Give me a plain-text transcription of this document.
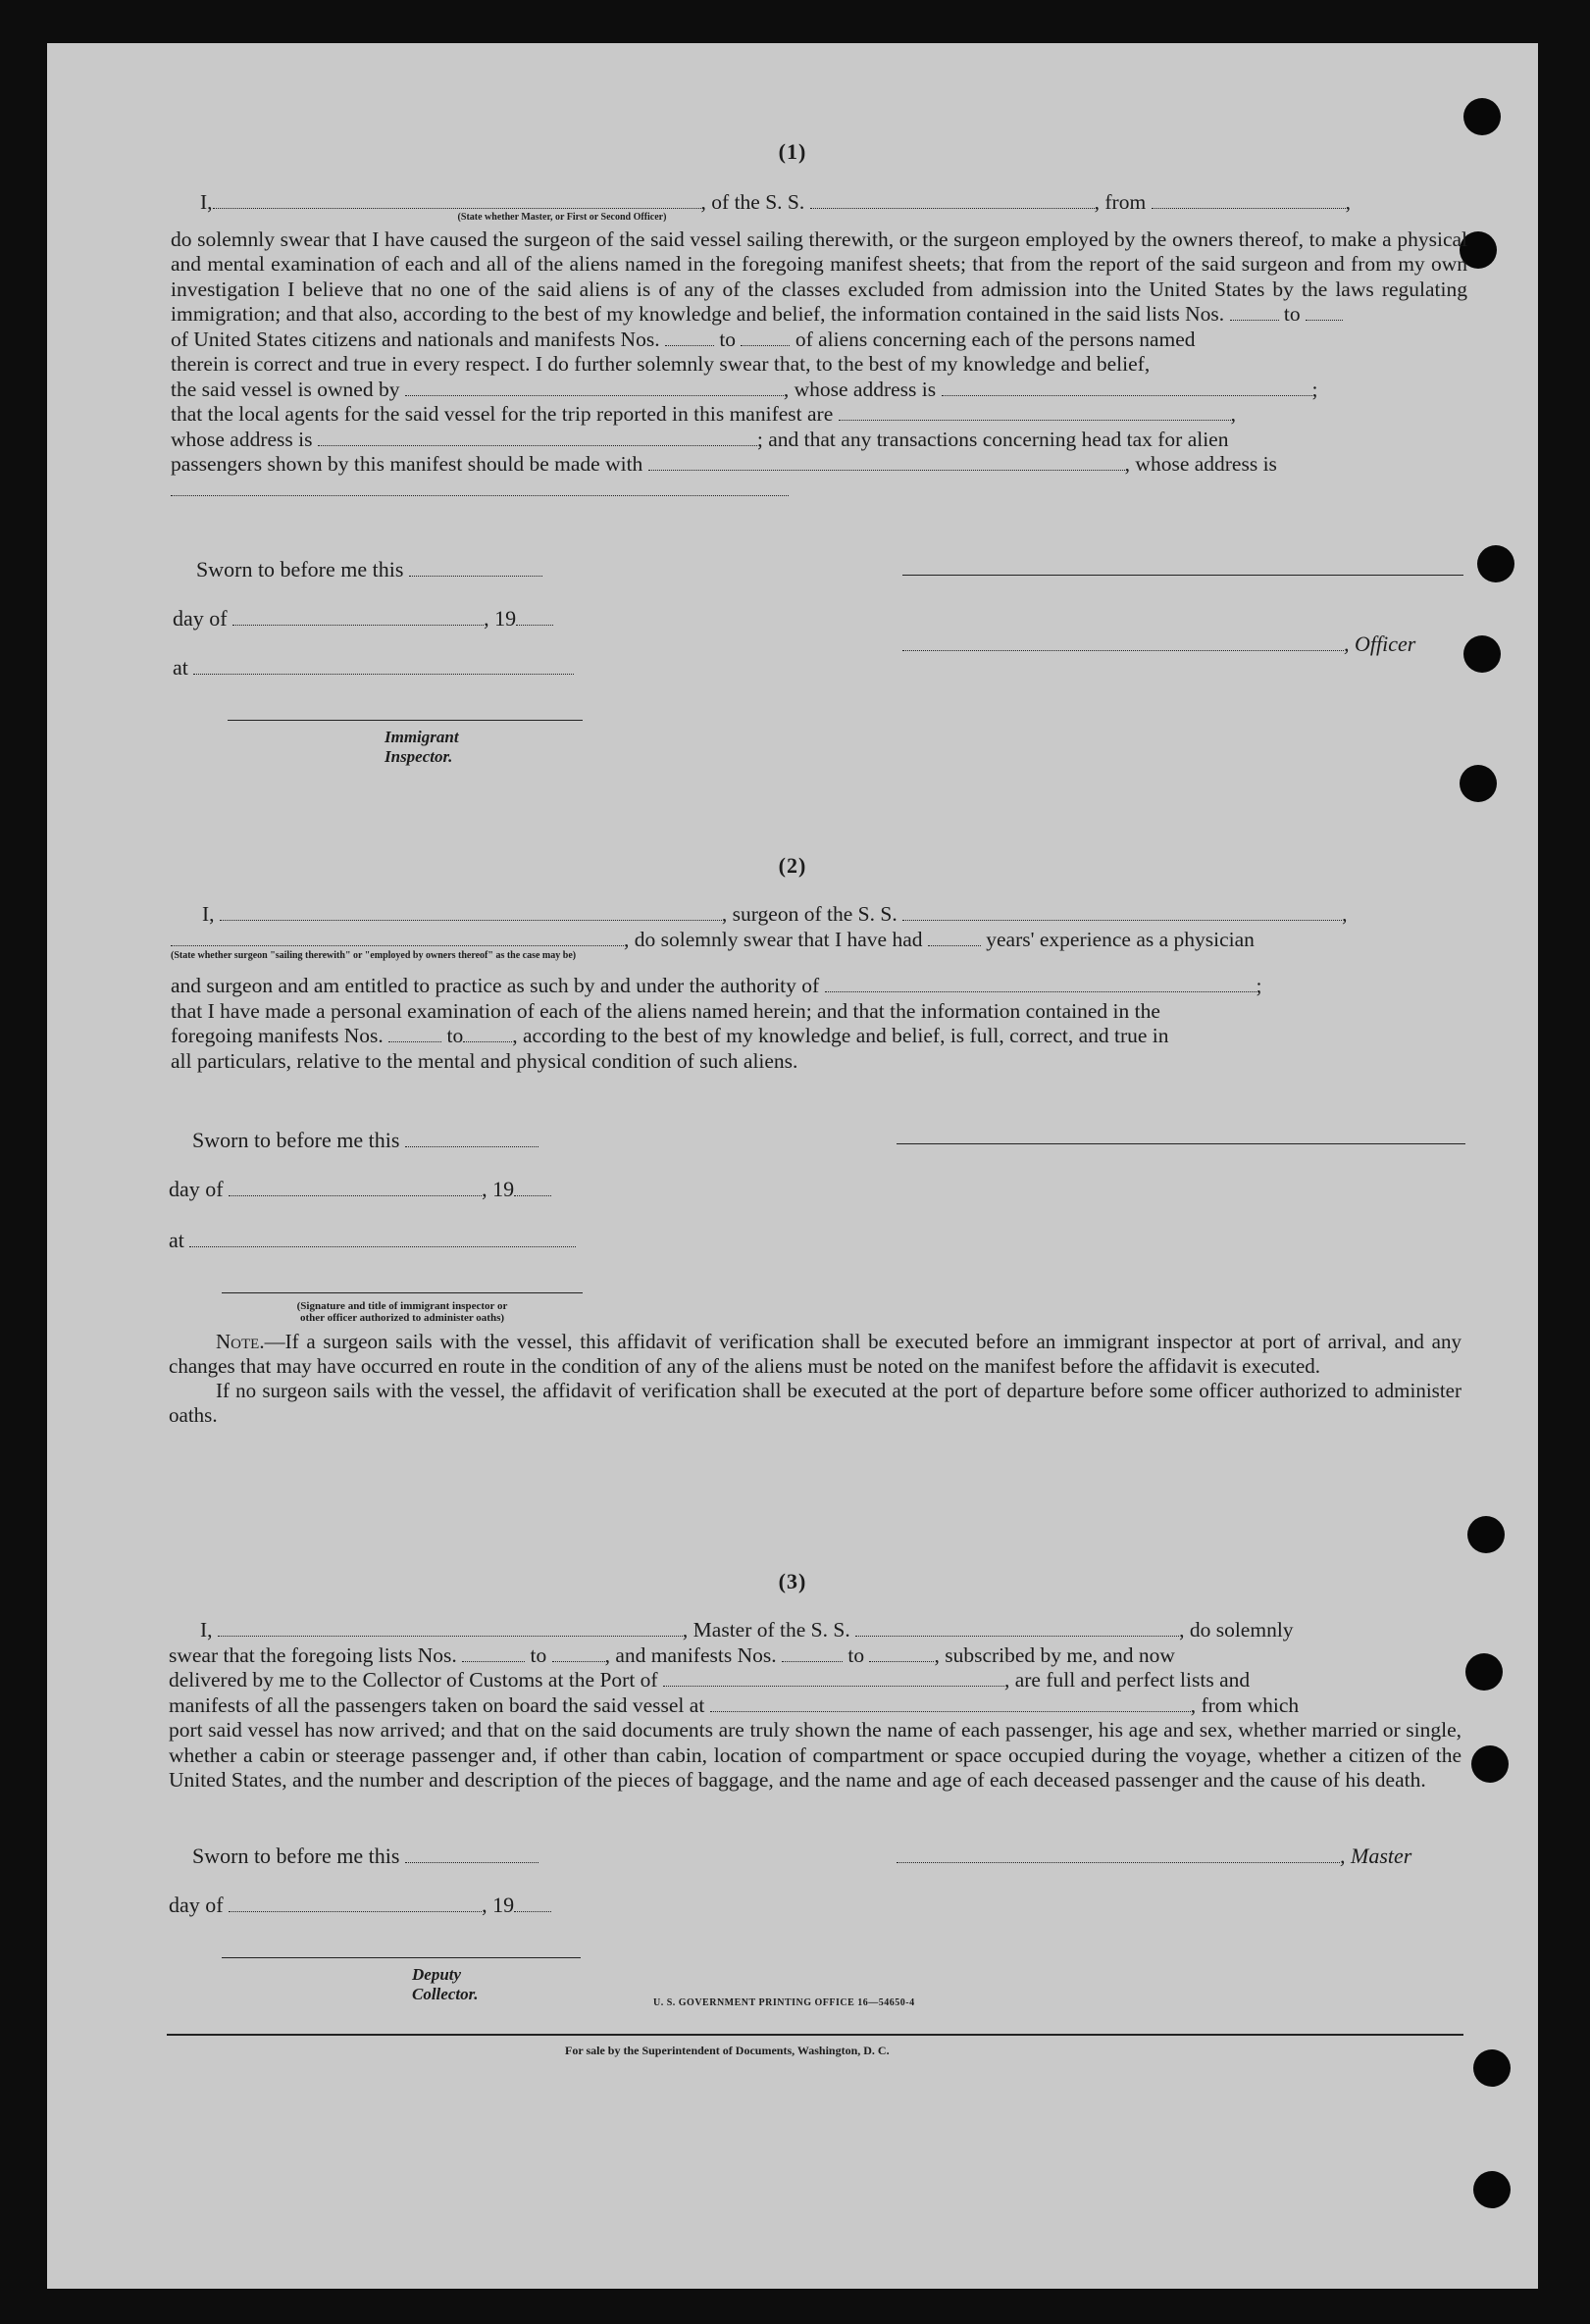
(1)

I,	, of the S. S.	, from	,

(State whether Master, or First or Second Officer)

do solemnly swear that I have caused the surgeon of the said vessel sailing therewith, or the surgeon employed by the owners thereof, to make a physical and mental examination of each and all of the aliens named in the foregoing manifest sheets; that from the report of the said surgeon and from my own investigation I believe that no one of the said aliens is of any of the classes excluded from admission into the United States by the laws regulating immigration; and that also, according to the best of my knowledge and belief, the information contained in the said lists Nos.	to

of United States citizens and nationals and manifests Nos.	to	of aliens concerning each of the persons named

therein is correct and true in every respect. I do further solemnly swear that, to the best of my knowledge and belief,

the said vessel is owned by	, whose address is	;

that the local agents for the said vessel for the trip reported in this manifest are	,

whose address is	; and that any transactions concerning head tax for alien

passengers shown by this manifest should be made with	, whose address is

Sworn to before me this
day of	, 19
at
, Officer
Immigrant Inspector.
(2)

I,	, surgeon of the S. S.	,

, do solemnly swear that I have had	years' experience as a physician

(State whether surgeon "sailing therewith" or "employed by owners thereof" as the case may be)

and surgeon and am entitled to practice as such by and under the authority of	;

that I have made a personal examination of each of the aliens named herein; and that the information contained in the

foregoing manifests Nos.	to , according to the best of my knowledge and belief, is full, correct, and true in

all particulars, relative to the mental and physical condition of such aliens.

Sworn to before me this
day of	, 19
at
(Signature and title of immigrant inspector or
other officer authorized to administer oaths)

Note.—If a surgeon sails with the vessel, this affidavit of verification shall be executed before an immigrant inspector at port of arrival, and any changes that may have occurred en route in the condition of any of the aliens must be noted on the manifest before the affidavit is executed.

If no surgeon sails with the vessel, the affidavit of verification shall be executed at the port of departure before some officer authorized to administer oaths.

(3)

I,	, Master of the S. S.	, do solemnly

swear that the foregoing lists Nos.	to	, and manifests Nos.	to	, subscribed by me, and now

delivered by me to the Collector of Customs at the Port of	, are full and perfect lists and

manifests of all the passengers taken on board the said vessel at	, from which

port said vessel has now arrived; and that on the said documents are truly shown the name of each passenger, his age and sex, whether married or single, whether a cabin or steerage passenger and, if other than cabin, location of compartment or space occupied during the voyage, whether a citizen of the United States, and the number and description of the pieces of baggage, and the name and age of each deceased passenger and the cause of his death.

Sworn to before me this
day of	, 19
, Master
Deputy Collector.	U. S. GOVERNMENT PRINTING OFFICE 16—54650-4
For sale by the Superintendent of Documents, Washington, D. C.
